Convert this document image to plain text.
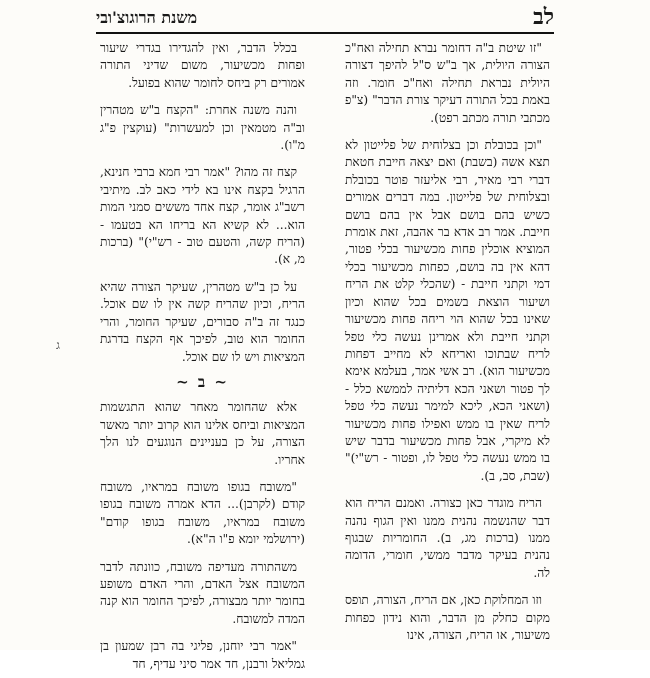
לב
משנת הרוגוצ'ובי

"זו שיטת ב"ה דחומר נברא תחילה ואח"כ הצורה היולית, אך ב"ש ס"ל להיפך דצורה היולית נבראת תחילה ואח"כ חומר. וזה באמת בכל התורה דעיקר צורת הדבר" (צ"פ מכתבי תורה מכתב רפט).

"וכן בכובלת וכן בצלוחית של פלייטון לא תצא אשה (בשבת) ואם יצאה חייבת חטאת דברי רבי מאיר, רבי אליעזר פוטר בכובלת ובצלוחית של פלייטון. במה דברים אמורים כשיש בהם בושם אבל אין בהם בושם חייבת. אמר רב אדא בר אהבה, זאת אומרת המוציא אוכלין פחות מכשיעור בכלי פטור, דהא אין בה בושם, כפחות מכשיעור בכלי דמי וקתני חייבת - (שהכלי קלט את הריח ושיעור הוצאת בשמים בכל שהוא וכיון שאינו בכל שהוא הוי ריחה פחות מכשיעור וקתני חייבת ולא אמרינן נעשה כלי טפל לריח שבתוכו ואריחא לא מחייב דפחות מכשיעור הוא). רב אשי אמר, בעלמא אימא לך פטור ושאני הכא דליתיה לממשא כלל - (ושאני הכא, ליכא למימר נעשה כלי טפל לריח שאין בו ממש ואפילו פחות מכשיעור לא מיקרי, אבל פחות מכשיעור בדבר שיש בו ממש נעשה כלי טפל לו, ופטור - רש"י)" (שבת, סב, ב).

הריח מוגדר כאן כצורה. ואמנם הריח הוא דבר שהנשמה נהנית ממנו ואין הגוף נהנה ממנו (ברכות מג, ב). החומריות שבגוף נהנית בעיקר מדבר ממשי, חומרי, הדומה לה.

וזו המחלוקת כאן, אם הריח, הצורה, תופס מקום כחלק מן הדבר, והוא נידון כפחות משיעור, או הריח, הצורה, אינו

בכלל הדבר, ואין להגדירו בגדרי שיעור ופחות מכשיעור, משום שדיני התורה אמורים רק ביחס לחומר שהוא בפועל.

והנה משנה אחרת: "הקצח ב"ש מטהרין וב"ה מטמאין וכן למעשרות" (עוקצין פ"ג מ"ו).

קצח זה מהו? "אמר רבי חמא ברבי חנינא, הרגיל בקצח אינו בא לידי כאב לב. מיתיבי רשב"ג אומר, קצח אחד מששים סמני המות הוא... לא קשיא הא בריחו הא בטעמו - (הריח קשה, והטעם טוב - רש"י)" (ברכות מ, א).

על כן ב"ש מטהרין, שעיקר הצורה שהיא הריח, וכיון שהריח קשה אין לו שם אוכל. כנגד זה ב"ה סבורים, שעיקר החומר, והרי החומר הוא טוב, לפיכך אף הקצח בדרגת המציאות ויש לו שם אוכל.

~ ב ~

אלא שהחומר מאחר שהוא התגשמות המציאות וביחס אלינו הוא קרוב יותר מאשר הצורה, על כן בעניינים הנוגעים לנו הלך אחריו.

"משובח בגופו משובח במראיו, משובח קודם (לקרבן)... הדא אמרה משובח בגופו משובח במראיו, משובח בגופו קודם" (ירושלמי יומא פ"ו ה"א).

משהתורה מעדיפה משובח, כוונתה לדבר המשובח אצל האדם, והרי האדם משופע בחומר יותר מבצורה, לפיכך החומר הוא קנה המדה למשובח.

"אמר רבי יוחנן, פליגי בה רבן שמעון בן גמליאל ורבנן, חד אמר סיני עדיף, חד

ג
